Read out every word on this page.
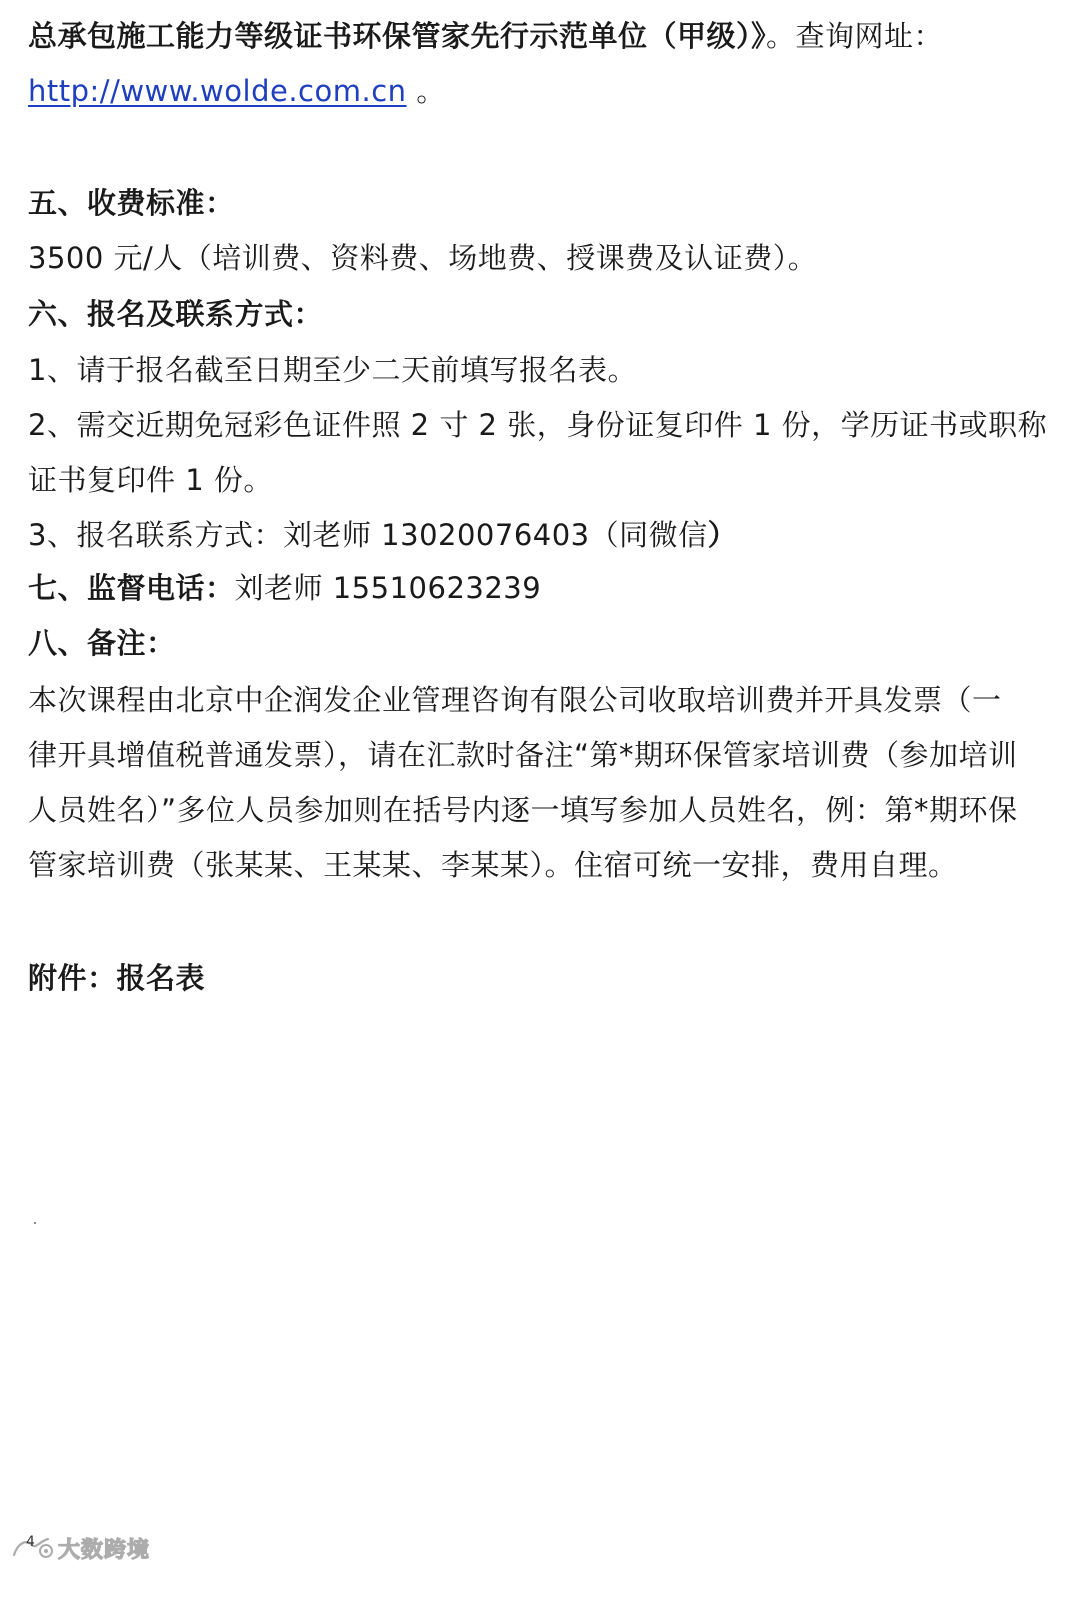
总承包施工能力等级证书环保管家先行示范单位（甲级）》。查询网址：
http://www.wolde.com.cn 。
五、收费标准：
3500 元/人（培训费、资料费、场地费、授课费及认证费）。
六、报名及联系方式：
1、请于报名截至日期至少二天前填写报名表。
2、需交近期免冠彩色证件照 2 寸 2 张，身份证复印件 1 份，学历证书或职称
证书复印件 1 份。
3、报名联系方式：刘老师 13020076403（同微信）
七、监督电话：刘老师 15510623239
八、备注：
本次课程由北京中企润发企业管理咨询有限公司收取培训费并开具发票（一
律开具增值税普通发票），请在汇款时备注“第*期环保管家培训费（参加培训
人员姓名）”多位人员参加则在括号内逐一填写参加人员姓名，例：第*期环保
管家培训费（张某某、王某某、李某某）。住宿可统一安排，费用自理。
附件：报名表
大数跨境
4
